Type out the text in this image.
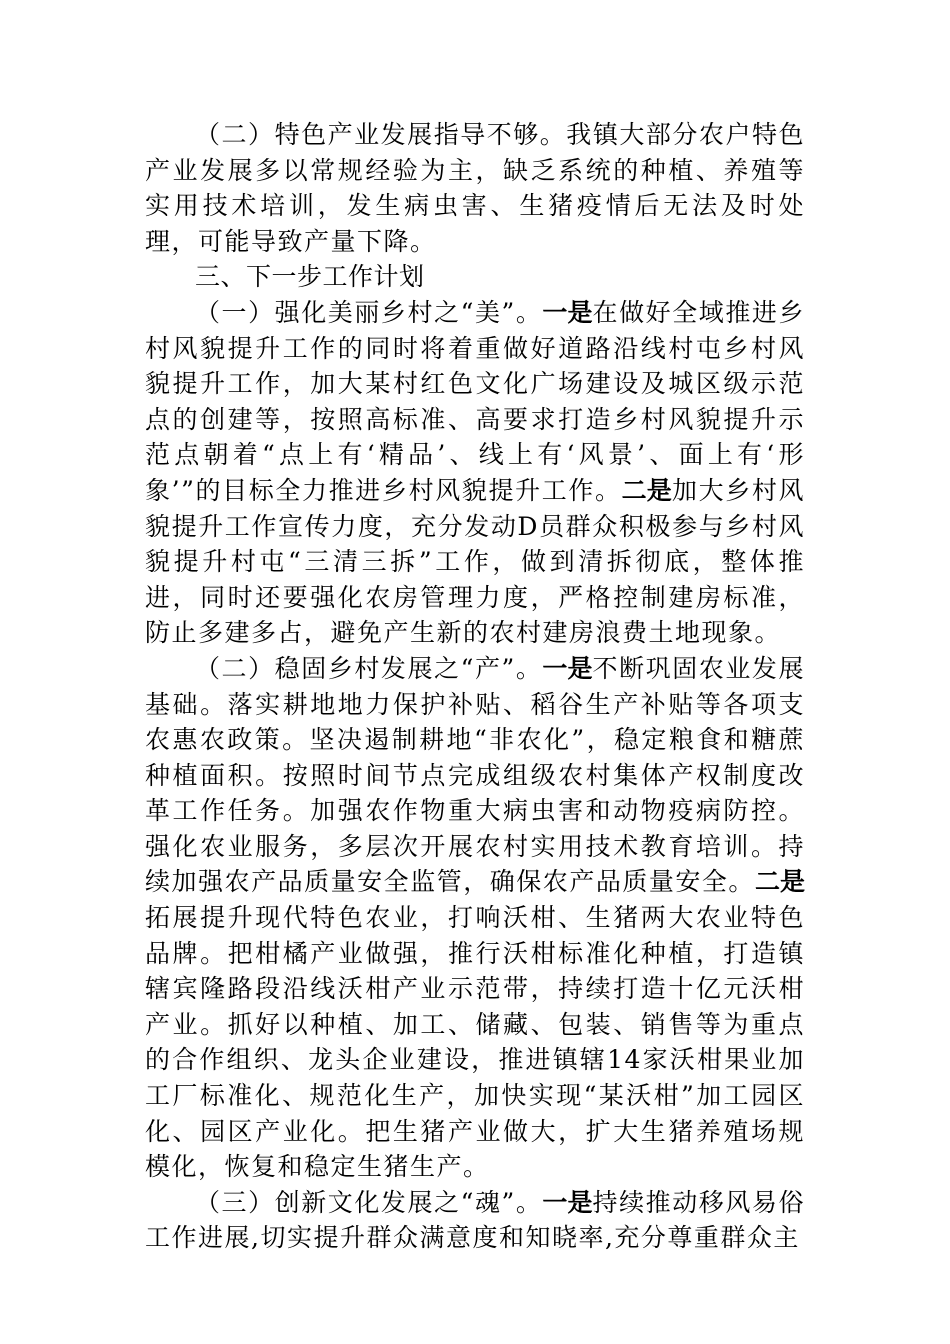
（二）特色产业发展指导不够。我镇大部分农户特色产业发展多以常规经验为主，缺乏系统的种植、养殖等实用技术培训，发生病虫害、生猪疫情后无法及时处理，可能导致产量下降。

三、下一步工作计划

（一）强化美丽乡村之“美”。一是在做好全域推进乡村风貌提升工作的同时将着重做好道路沿线村屯乡村风貌提升工作，加大某村红色文化广场建设及城区级示范点的创建等，按照高标准、高要求打造乡村风貌提升示范点朝着“点上有‘精品’、线上有‘风景’、面上有‘形象’”的目标全力推进乡村风貌提升工作。二是加大乡村风貌提升工作宣传力度，充分发动D员群众积极参与乡村风貌提升村屯“三清三拆”工作，做到清拆彻底，整体推进，同时还要强化农房管理力度，严格控制建房标准，防止多建多占，避免产生新的农村建房浪费土地现象。

（二）稳固乡村发展之“产”。一是不断巩固农业发展基础。落实耕地地力保护补贴、稻谷生产补贴等各项支农惠农政策。坚决遏制耕地“非农化”，稳定粮食和糖蔗种植面积。按照时间节点完成组级农村集体产权制度改革工作任务。加强农作物重大病虫害和动物疫病防控。强化农业服务，多层次开展农村实用技术教育培训。持续加强农产品质量安全监管，确保农产品质量安全。二是拓展提升现代特色农业，打响沃柑、生猪两大农业特色品牌。把柑橘产业做强，推行沃柑标准化种植，打造镇辖宾隆路段沿线沃柑产业示范带，持续打造十亿元沃柑产业。抓好以种植、加工、储藏、包装、销售等为重点的合作组织、龙头企业建设，推进镇辖14家沃柑果业加工厂标准化、规范化生产，加快实现“某沃柑”加工园区化、园区产业化。把生猪产业做大，扩大生猪养殖场规模化，恢复和稳定生猪生产。

（三）创新文化发展之“魂”。一是持续推动移风易俗工作进展,切实提升群众满意度和知晓率,充分尊重群众主
